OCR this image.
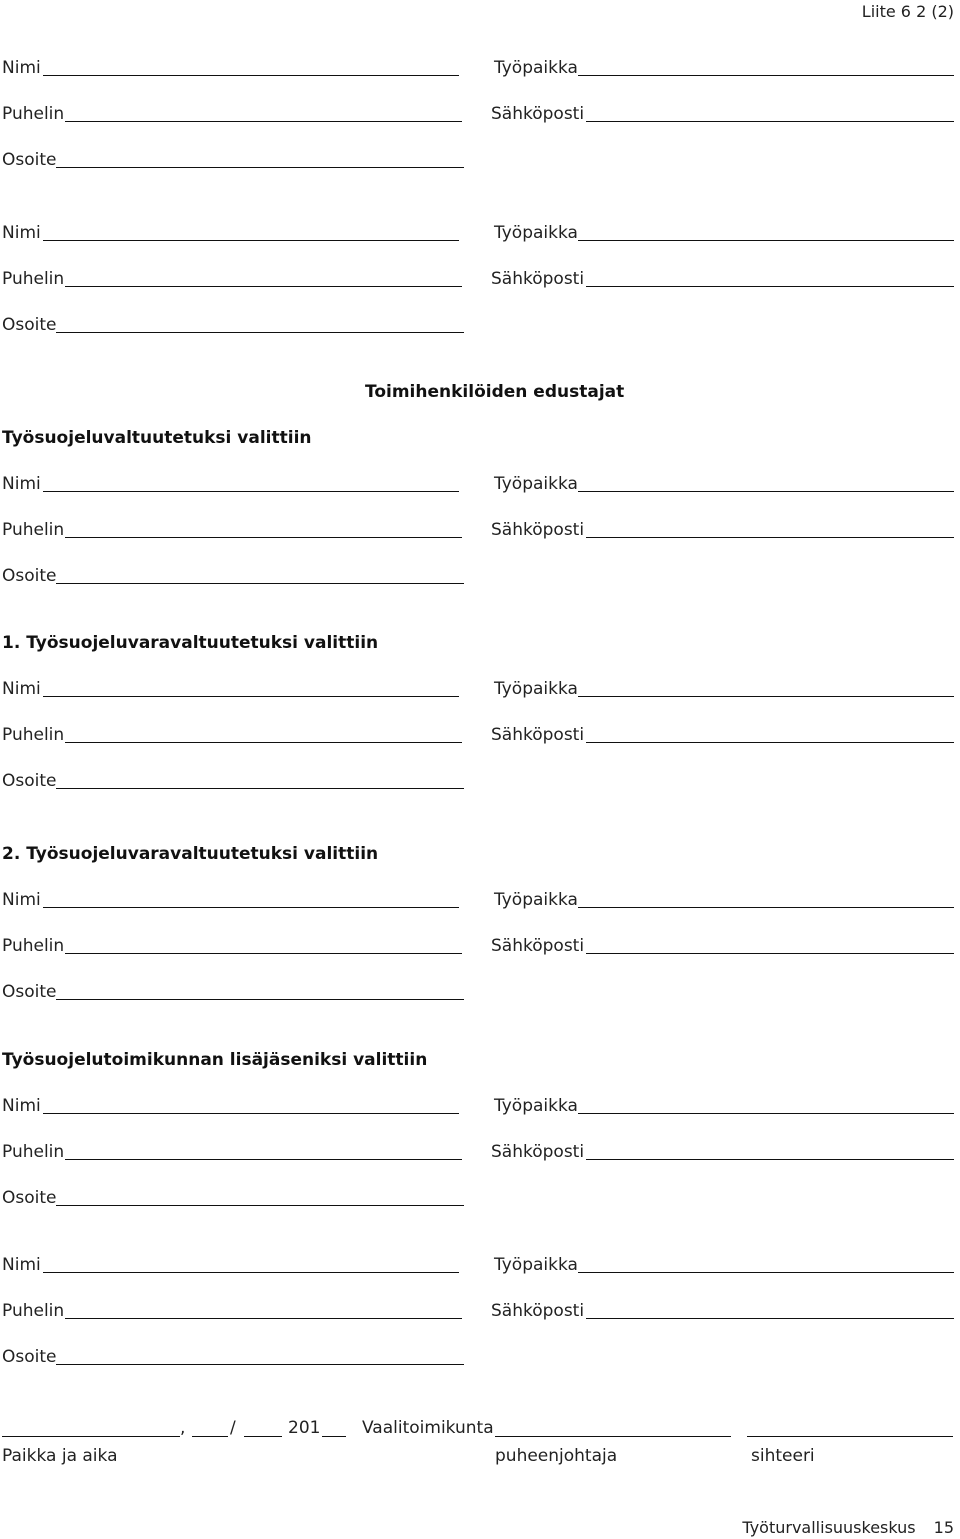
Liite 6 2 (2)
Toimihenkilöiden edustajat
Nimi	Työpaikka
Puhelin	Sähköposti
Osoite
Nimi	Työpaikka
Puhelin	Sähköposti
Osoite
Työsuojeluvaltuutetuksi valittiin
Nimi	Työpaikka
Puhelin	Sähköposti
Osoite
1. Työsuojeluvaravaltuutetuksi valittiin
Nimi	Työpaikka
Puhelin	Sähköposti
Osoite
2. Työsuojeluvaravaltuutetuksi valittiin
Nimi	Työpaikka
Puhelin	Sähköposti
Osoite
Työsuojelutoimikunnan lisäjäseniksi valittiin
Nimi	Työpaikka
Puhelin	Sähköposti
Osoite
Nimi	Työpaikka
Puhelin	Sähköposti
Osoite
,	/	201 Vaalitoimikunta
Paikka ja aika	puheenjohtaja	sihteeri
Työturvallisuuskeskus 15
